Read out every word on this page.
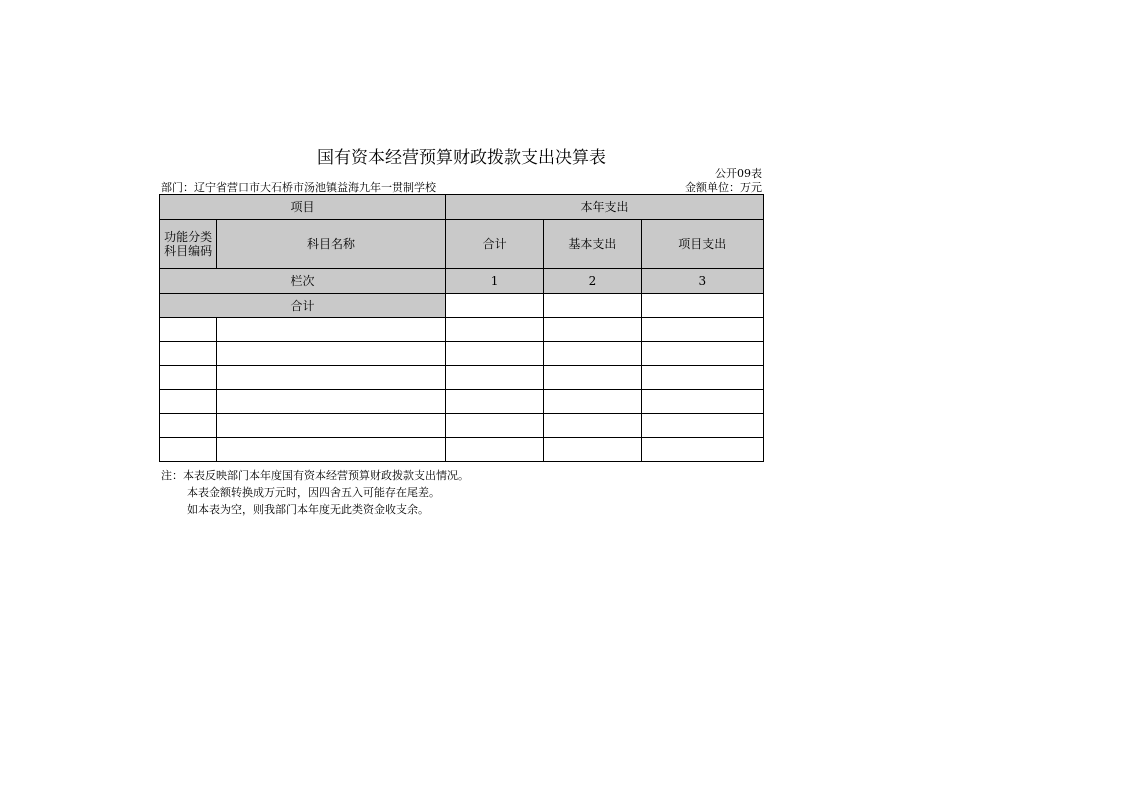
国有资本经营预算财政拨款支出决算表
公开09表
部门：辽宁省营口市大石桥市汤池镇益海九年一贯制学校	金额单位：万元
项目		本年支出		

功能分类
科目编码	科目名称	合计	基本支出	项目支出
栏次		1	2	3
合计				

注：本表反映部门本年度国有资本经营预算财政拨款支出情况。
本表金额转换成万元时，因四舍五入可能存在尾差。
如本表为空，则我部门本年度无此类资金收支余。
